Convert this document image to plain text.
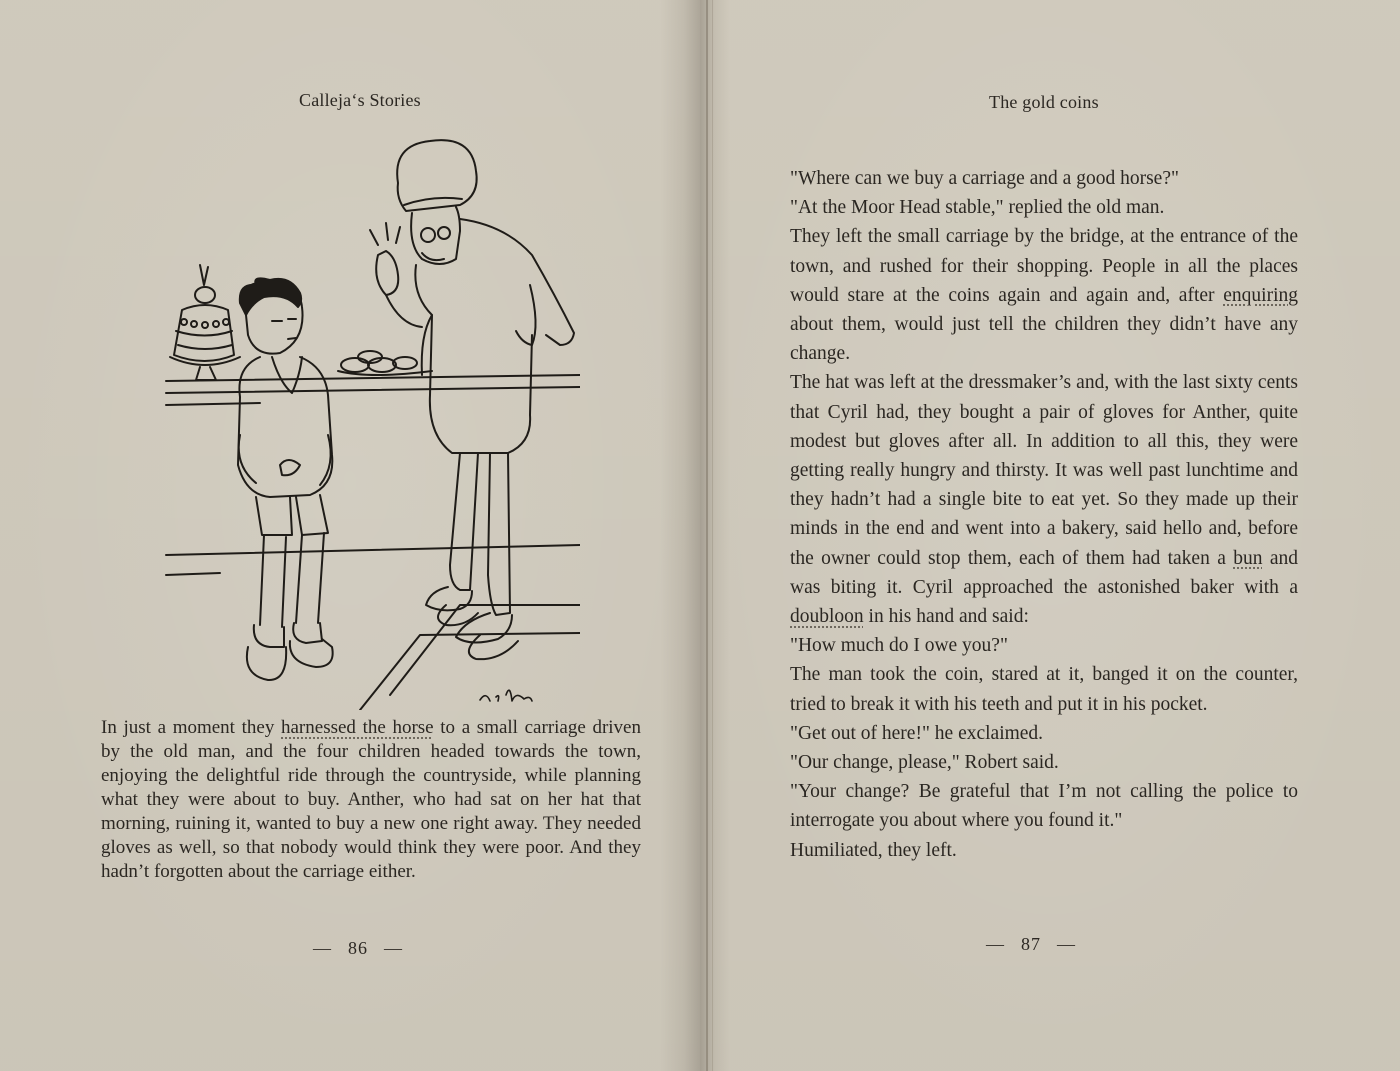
Calleja‘s Stories
In just a moment they harnessed the horse to a small carriage driven by the old man, and the four children headed towards the town, enjoying the delightful ride through the countryside, while planning what they were about to buy. Anther, who had sat on her hat that morning, ruining it, wanted to buy a new one right away. They needed gloves as well, so that nobody would think they were poor. And they hadn’t forgotten about the carriage either.
— 86 —
The gold coins

"Where can we buy a carriage and a good horse?"

"At the Moor Head stable," replied the old man.

They left the small carriage by the bridge, at the entrance of the town, and rushed for their shopping. People in all the places would stare at the coins again and again and, after enquiring about them, would just tell the children they didn’t have any change.

The hat was left at the dressmaker’s and, with the last sixty cents that Cyril had, they bought a pair of gloves for Anther, quite modest but gloves after all. In addition to all this, they were getting really hungry and thirsty. It was well past lunchtime and they hadn’t had a single bite to eat yet. So they made up their minds in the end and went into a bakery, said hello and, before the owner could stop them, each of them had taken a bun and was biting it. Cyril approached the astonished baker with a doubloon in his hand and said:

"How much do I owe you?"

The man took the coin, stared at it, banged it on the counter, tried to break it with his teeth and put it in his pocket.

"Get out of here!" he exclaimed.

"Our change, please," Robert said.

"Your change? Be grateful that I’m not calling the police to interrogate you about where you found it."

Humiliated, they left.

— 87 —
